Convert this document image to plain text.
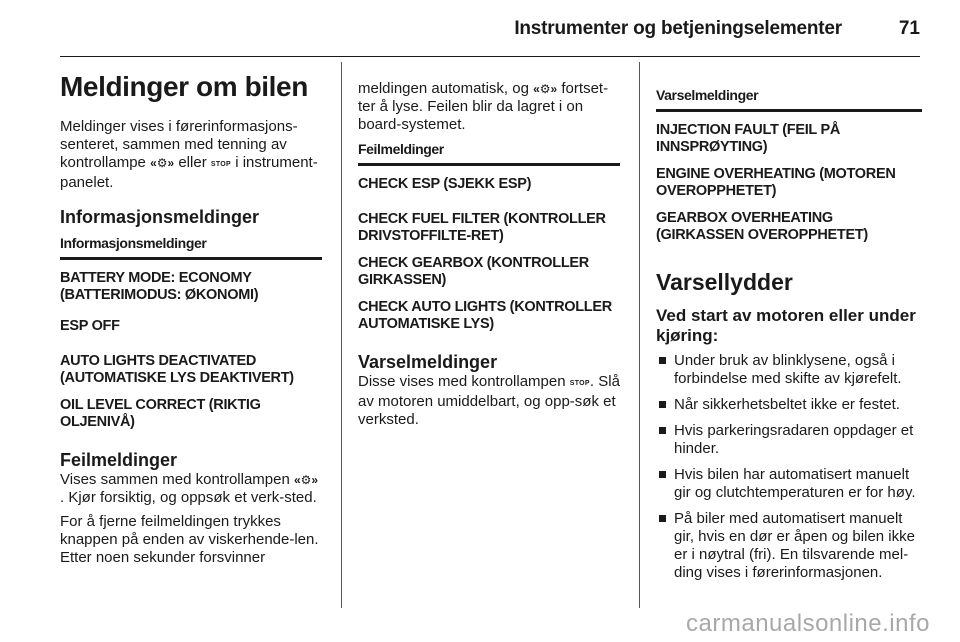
Instrumenter og betjeningselementer	71
Meldinger om bilen

Meldinger vises i førerinformasjons-senteret, sammen med tenning av kontrollampe «⚙» eller STOP i instrument-panelet.

Informasjonsmeldinger
Informasjonsmeldinger
BATTERY MODE: ECONOMY (BATTERIMODUS: ØKONOMI)
ESP OFF
AUTO LIGHTS DEACTIVATED (AUTOMATISKE LYS DEAKTIVERT)
OIL LEVEL CORRECT (RIKTIG OLJENIVÅ)
Feilmeldinger

Vises sammen med kontrollampen «⚙». Kjør forsiktig, og oppsøk et verk-sted.

For å fjerne feilmeldingen trykkes knappen på enden av viskerhende-len. Etter noen sekunder forsvinner

meldingen automatisk, og «⚙» fortset-ter å lyse. Feilen blir da lagret i on board-systemet.

Feilmeldinger
CHECK ESP (SJEKK ESP)
CHECK FUEL FILTER (KONTROLLER DRIVSTOFFILTE-RET)
CHECK GEARBOX (KONTROLLER GIRKASSEN)
CHECK AUTO LIGHTS (KONTROLLER AUTOMATISKE LYS)
Varselmeldinger

Disse vises med kontrollampen STOP. Slå av motoren umiddelbart, og opp-søk et verksted.

Varselmeldinger
INJECTION FAULT (FEIL PÅ INNSPRØYTING)
ENGINE OVERHEATING (MOTOREN OVEROPPHETET)
GEARBOX OVERHEATING (GIRKASSEN OVEROPPHETET)
Varsellydder
Ved start av motoren eller under kjøring:
Under bruk av blinklysene, også i forbindelse med skifte av kjørefelt.
Når sikkerhetsbeltet ikke er festet.
Hvis parkeringsradaren oppdager et hinder.
Hvis bilen har automatisert manuelt gir og clutchtemperaturen er for høy.
På biler med automatisert manuelt gir, hvis en dør er åpen og bilen ikke er i nøytral (fri). En tilsvarende mel-ding vises i førerinformasjonen.
carmanualsonline.info
